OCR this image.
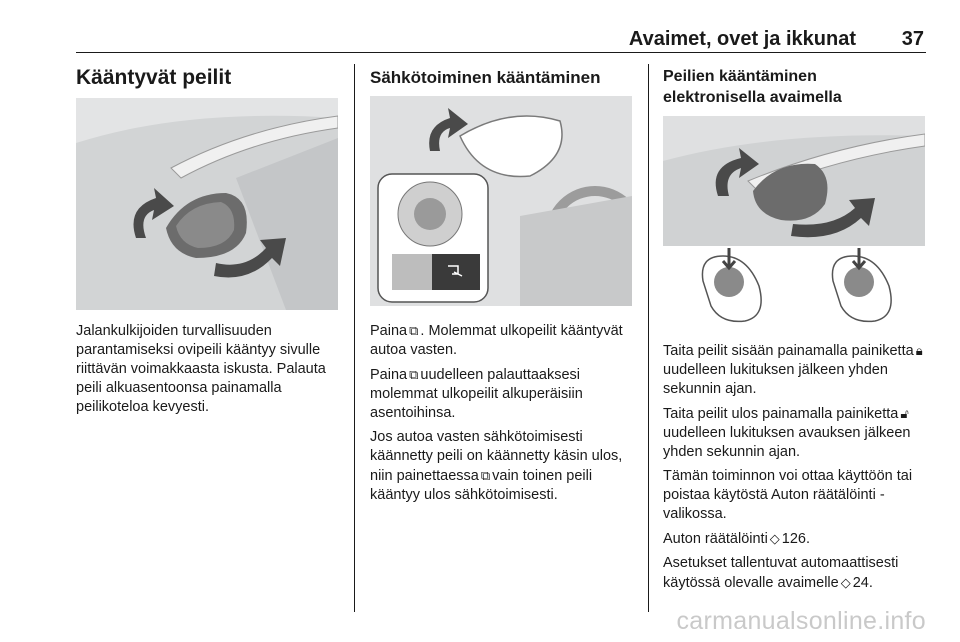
Avaimet, ovet ja ikkunat 37
Kääntyvät peilit

Jalankulkijoiden turvallisuuden parantamiseksi ovipeili kääntyy sivulle riittävän voimakkaasta iskusta. Palauta peili alkuasentoonsa painamalla peilikoteloa kevyesti.

Sähkötoiminen kääntäminen

Paina ⧉ . Molemmat ulkopeilit kääntyvät autoa vasten.

Paina ⧉ uudelleen palauttaaksesi molemmat ulkopeilit alkuperäisiin asentoihinsa.

Jos autoa vasten sähkötoimisesti käännetty peili on käännetty käsin ulos, niin painettaessa ⧉ vain toinen peili kääntyy ulos sähkötoimisesti.

Peilien kääntäminen
elektronisella avaimella

Taita peilit sisään painamalla painiketta 🔒︎uudelleen lukituksen jälkeen yhden sekunnin ajan.

Taita peilit ulos painamalla painiketta 🔓︎uudelleen lukituksen avauksen jälkeen yhden sekunnin ajan.

Tämän toiminnon voi ottaa käyttöön tai poistaa käytöstä Auton räätälöinti -valikossa.

Auton räätälöinti ◇ 126.

Asetukset tallentuvat automaattisesti käytössä olevalle avaimelle ◇ 24.

carmanualsonline.info
